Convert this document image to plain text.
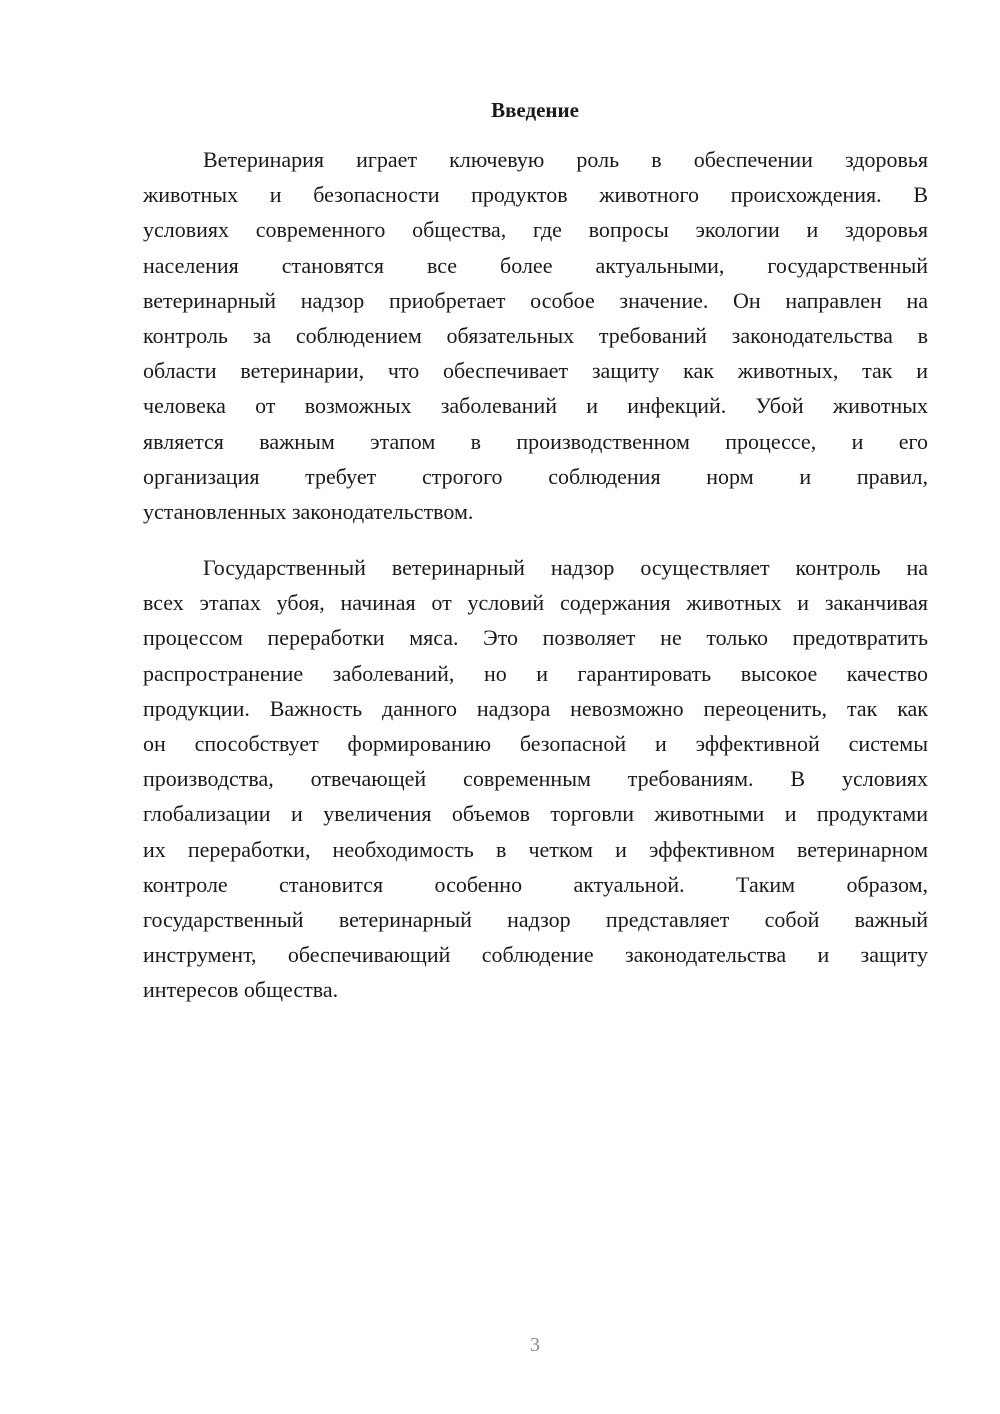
Введение
Ветеринария играет ключевую роль в обеспечении здоровья
животных и безопасности продуктов животного происхождения. В
условиях современного общества, где вопросы экологии и здоровья
населения становятся все более актуальными, государственный
ветеринарный надзор приобретает особое значение. Он направлен на
контроль за соблюдением обязательных требований законодательства в
области ветеринарии, что обеспечивает защиту как животных, так и
человека от возможных заболеваний и инфекций. Убой животных
является важным этапом в производственном процессе, и его
организация требует строгого соблюдения норм и правил,
установленных законодательством.
Государственный ветеринарный надзор осуществляет контроль на
всех этапах убоя, начиная от условий содержания животных и заканчивая
процессом переработки мяса. Это позволяет не только предотвратить
распространение заболеваний, но и гарантировать высокое качество
продукции. Важность данного надзора невозможно переоценить, так как
он способствует формированию безопасной и эффективной системы
производства, отвечающей современным требованиям. В условиях
глобализации и увеличения объемов торговли животными и продуктами
их переработки, необходимость в четком и эффективном ветеринарном
контроле становится особенно актуальной. Таким образом,
государственный ветеринарный надзор представляет собой важный
инструмент, обеспечивающий соблюдение законодательства и защиту
интересов общества.
3
